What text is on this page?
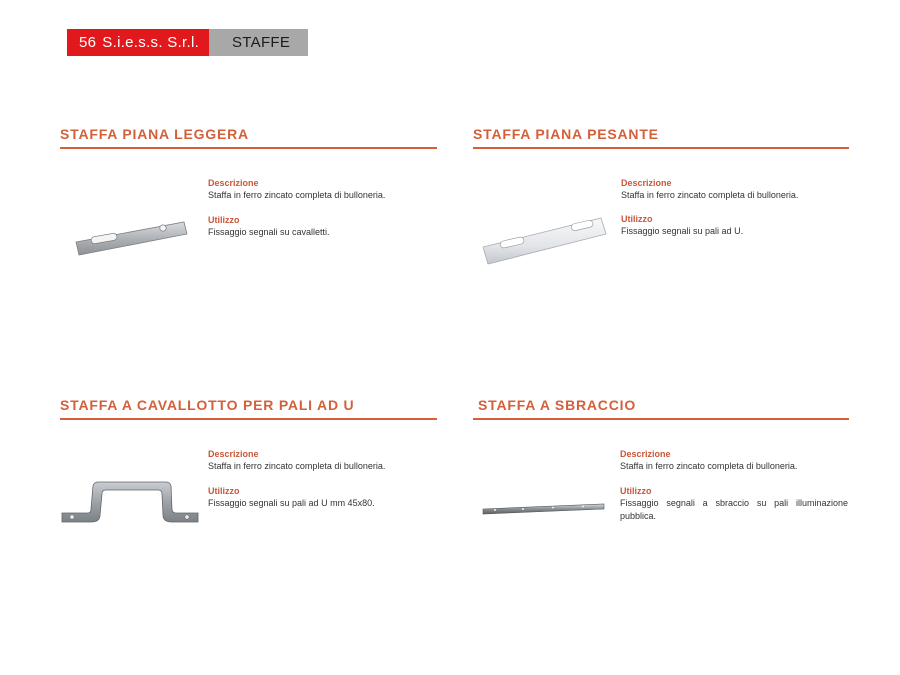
56 S.i.e.s.s. S.r.l.	STAFFE
STAFFA PIANA LEGGERA
Descrizione
Staffa in ferro zincato completa di bulloneria.
Utilizzo
Fissaggio segnali su cavalletti.
STAFFA PIANA PESANTE
Descrizione
Staffa in ferro zincato completa di bulloneria.
Utilizzo
Fissaggio segnali su pali ad U.
STAFFA A CAVALLOTTO PER PALI AD U
Descrizione
Staffa in ferro zincato completa di bulloneria.
Utilizzo
Fissaggio segnali su pali ad U mm 45x80.
STAFFA A SBRACCIO
Descrizione
Staffa in ferro zincato completa di bulloneria.
Utilizzo
Fissaggio segnali a sbraccio su pali illuminazione pubblica.
